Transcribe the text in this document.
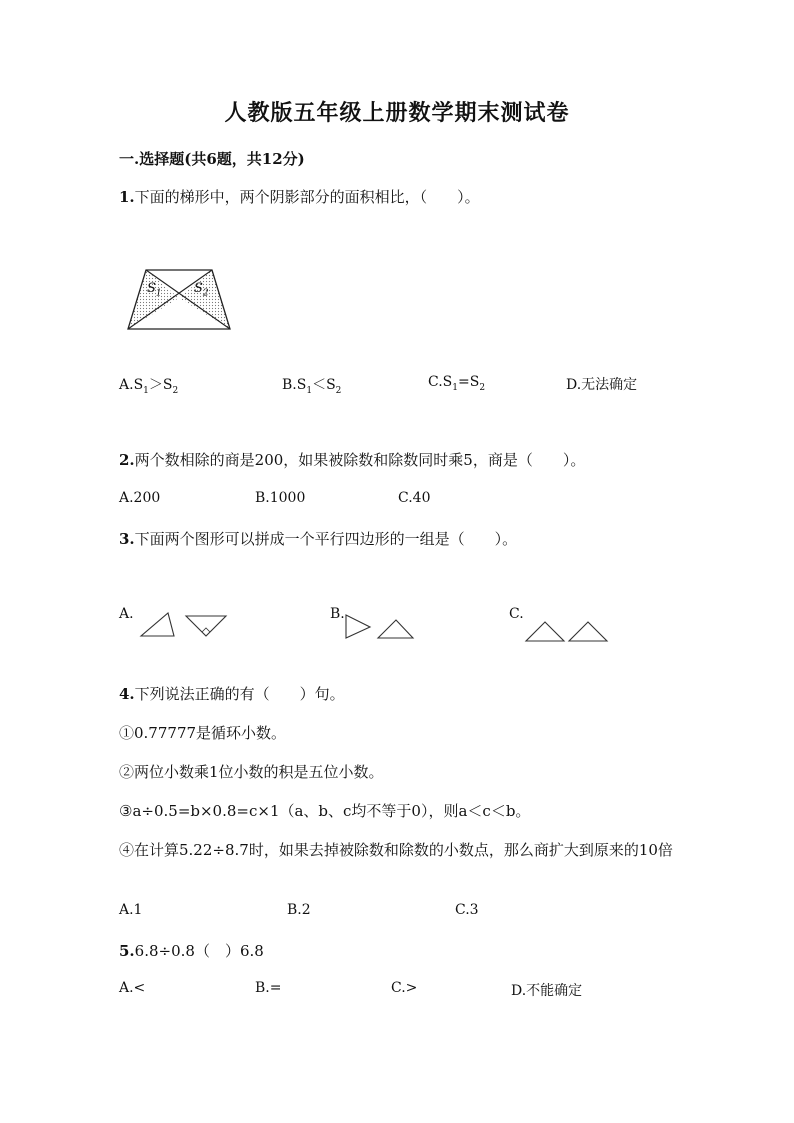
人教版五年级上册数学期末测试卷
一.选择题(共6题，共12分)
1.下面的梯形中，两个阴影部分的面积相比，（　　）。
$S_1$ $S_2$
$A.S_1>S_2$	$B.S_1<S_2$
$C.S_1=S_2$	D.无法确定
2.两个数相除的商是200，如果被除数和除数同时乘5，商是（　　）。
A.200	B.1000	C.40
3.下面两个图形可以拼成一个平行四边形的一组是（　　）。
A.	B.	C.
4.下列说法正确的有（　　）句。
①0.77777是循环小数。
②两位小数乘1位小数的积是五位小数。
③a÷0.5=b×0.8=c×1（a、b、c均不等于0），则a＜c＜b。
④在计算5.22÷8.7时，如果去掉被除数和除数的小数点，那么商扩大到原来的10倍
A.1	B.2	C.3
5.6.8÷0.8（　）6.8
A.<	B.=	C.>	D.不能确定
